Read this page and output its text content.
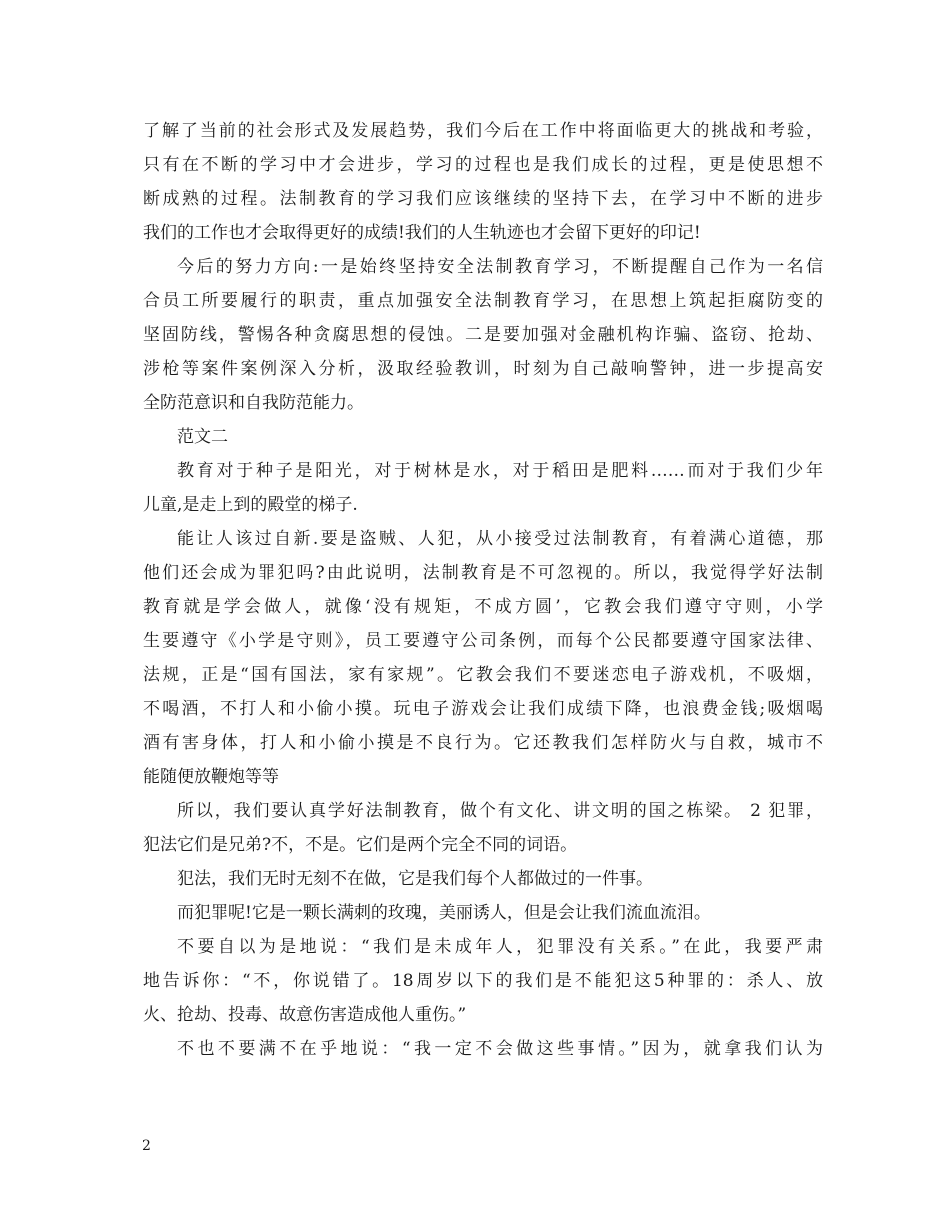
了解了当前的社会形式及发展趋势，我们今后在工作中将面临更大的挑战和考验，
只有在不断的学习中才会进步，学习的过程也是我们成长的过程，更是使思想不
断成熟的过程。法制教育的学习我们应该继续的坚持下去，在学习中不断的进步
我们的工作也才会取得更好的成绩!我们的人生轨迹也才会留下更好的印记!
今后的努力方向:一是始终坚持安全法制教育学习，不断提醒自己作为一名信
合员工所要履行的职责，重点加强安全法制教育学习，在思想上筑起拒腐防变的
坚固防线，警惕各种贪腐思想的侵蚀。二是要加强对金融机构诈骗、盗窃、抢劫、
涉枪等案件案例深入分析，汲取经验教训，时刻为自己敲响警钟，进一步提高安
全防范意识和自我防范能力。
范文二
教育对于种子是阳光，对于树林是水，对于稻田是肥料……而对于我们少年
儿童,是走上到的殿堂的梯子.
能让人该过自新.要是盗贼、人犯，从小接受过法制教育，有着满心道德，那
他们还会成为罪犯吗?由此说明，法制教育是不可忽视的。所以，我觉得学好法制
教育就是学会做人，就像‘没有规矩，不成方圆’，它教会我们遵守守则，小学
生要遵守《小学是守则》，员工要遵守公司条例，而每个公民都要遵守国家法律、
法规，正是“国有国法，家有家规”。它教会我们不要迷恋电子游戏机，不吸烟，
不喝酒，不打人和小偷小摸。玩电子游戏会让我们成绩下降，也浪费金钱;吸烟喝
酒有害身体，打人和小偷小摸是不良行为。它还教我们怎样防火与自救，城市不
能随便放鞭炮等等
所以，我们要认真学好法制教育，做个有文化、讲文明的国之栋梁。 2 犯罪，
犯法它们是兄弟?不，不是。它们是两个完全不同的词语。
犯法，我们无时无刻不在做，它是我们每个人都做过的一件事。
而犯罪呢!它是一颗长满刺的玫瑰，美丽诱人，但是会让我们流血流泪。
不要自以为是地说：“我们是未成年人，犯罪没有关系。”在此，我要严肃
地告诉你：“不，你说错了。18周岁以下的我们是不能犯这5种罪的：杀人、放
火、抢劫、投毒、故意伤害造成他人重伤。”
不也不要满不在乎地说：“我一定不会做这些事情。”因为，就拿我们认为
2
